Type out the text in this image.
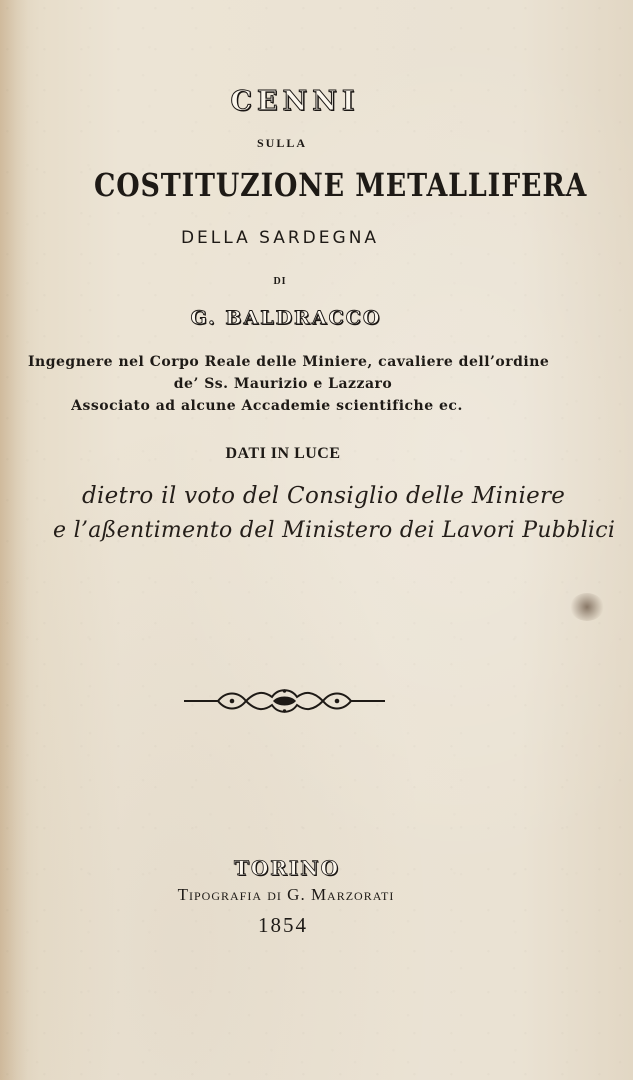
CENNI
SULLA
COSTITUZIONE METALLIFERA
DELLA SARDEGNA
DI
G. BALDRACCO
Ingegnere nel Corpo Reale delle Miniere, cavaliere dell’ordine
de’ Ss. Maurizio e Lazzaro
Associato ad alcune Accademie scientifiche ec.
DATI IN LUCE
dietro il voto del Consiglio delle Miniere
e l’aßentimento del Ministero dei Lavori Pubblici
TORINO
Tipografia di G. Marzorati
1854
